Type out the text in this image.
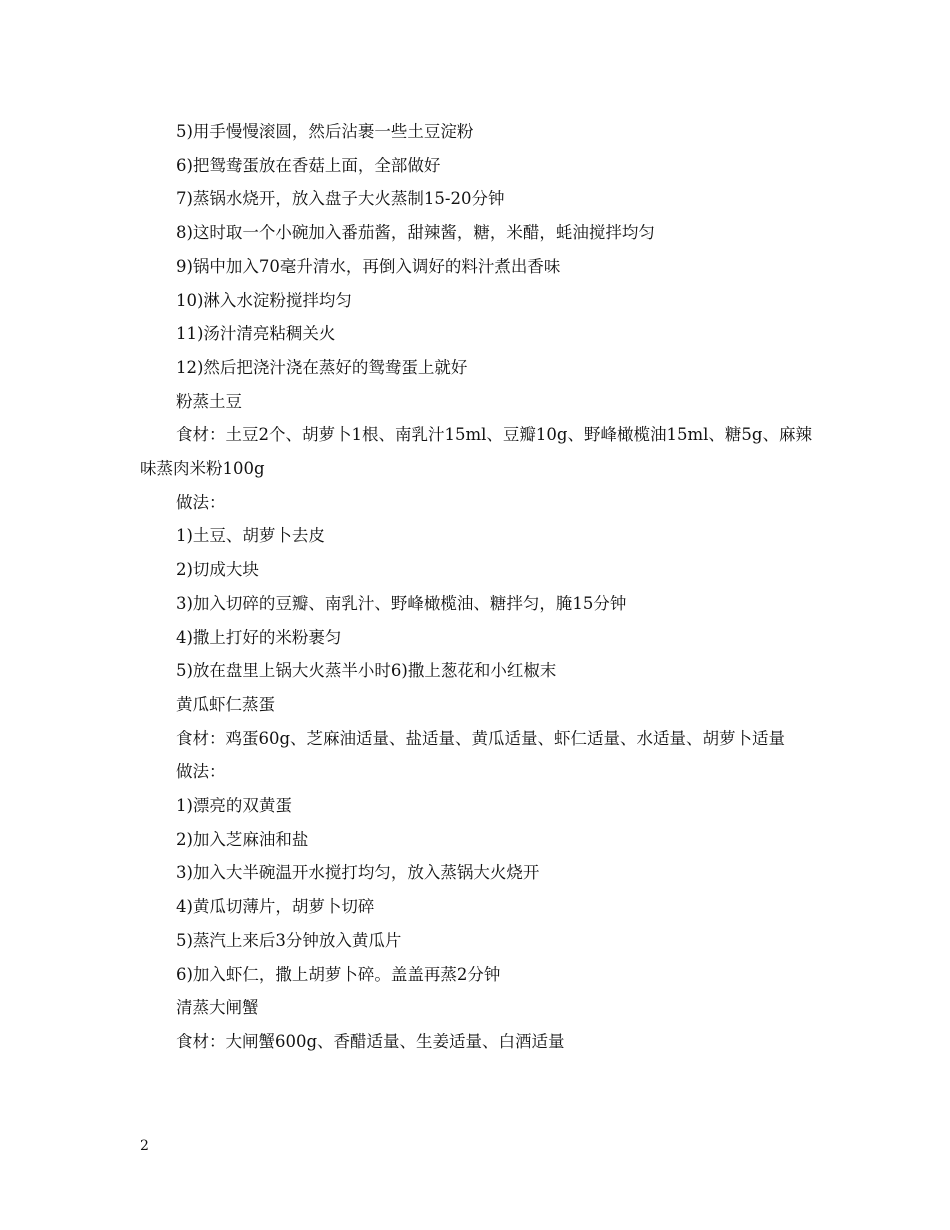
5)用手慢慢滚圆，然后沾裹一些土豆淀粉

6)把鸳鸯蛋放在香菇上面，全部做好

7)蒸锅水烧开，放入盘子大火蒸制15-20分钟

8)这时取一个小碗加入番茄酱，甜辣酱，糖，米醋，蚝油搅拌均匀

9)锅中加入70毫升清水，再倒入调好的料汁煮出香味

10)淋入水淀粉搅拌均匀

11)汤汁清亮粘稠关火

12)然后把浇汁浇在蒸好的鸳鸯蛋上就好

粉蒸土豆

食材：土豆2个、胡萝卜1根、南乳汁15ml、豆瓣10g、野峰橄榄油15ml、糖5g、麻辣味蒸肉米粉100g

做法：

1)土豆、胡萝卜去皮

2)切成大块

3)加入切碎的豆瓣、南乳汁、野峰橄榄油、糖拌匀，腌15分钟

4)撒上打好的米粉裹匀

5)放在盘里上锅大火蒸半小时6)撒上葱花和小红椒末

黄瓜虾仁蒸蛋

食材：鸡蛋60g、芝麻油适量、盐适量、黄瓜适量、虾仁适量、水适量、胡萝卜适量

做法：

1)漂亮的双黄蛋

2)加入芝麻油和盐

3)加入大半碗温开水搅打均匀，放入蒸锅大火烧开

4)黄瓜切薄片，胡萝卜切碎

5)蒸汽上来后3分钟放入黄瓜片

6)加入虾仁，撒上胡萝卜碎。盖盖再蒸2分钟

清蒸大闸蟹

食材：大闸蟹600g、香醋适量、生姜适量、白酒适量

2
